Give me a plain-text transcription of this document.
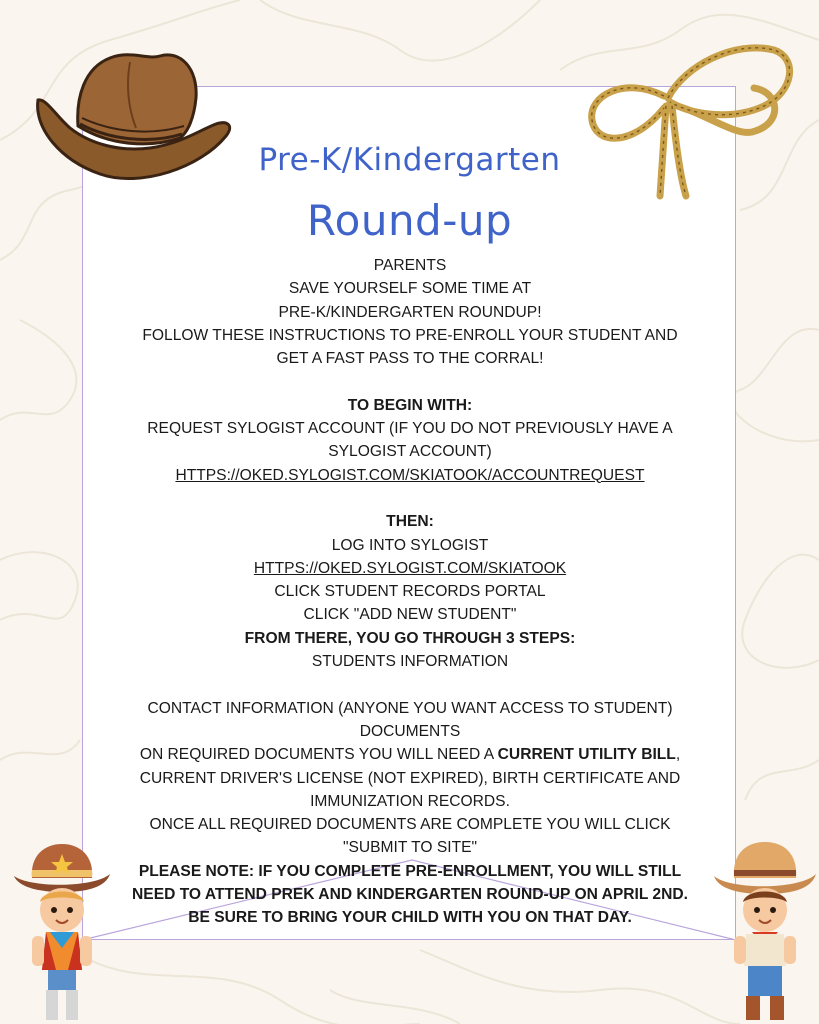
Pre-K/Kindergarten
Round-up
PARENTS
SAVE YOURSELF SOME TIME AT
PRE-K/KINDERGARTEN ROUNDUP!
FOLLOW THESE INSTRUCTIONS TO PRE-ENROLL YOUR STUDENT AND
GET A FAST PASS TO THE CORRAL!
TO BEGIN WITH:
REQUEST SYLOGIST ACCOUNT (IF YOU DO NOT PREVIOUSLY HAVE A
SYLOGIST ACCOUNT)
HTTPS://OKED.SYLOGIST.COM/SKIATOOK/ACCOUNTREQUEST
THEN:
LOG INTO SYLOGIST
HTTPS://OKED.SYLOGIST.COM/SKIATOOK
CLICK STUDENT RECORDS PORTAL
CLICK "ADD NEW STUDENT"
FROM THERE, YOU GO THROUGH 3 STEPS:
STUDENTS INFORMATION
CONTACT INFORMATION (ANYONE YOU WANT ACCESS TO STUDENT)
DOCUMENTS
ON REQUIRED DOCUMENTS YOU WILL NEED A CURRENT UTILITY BILL,
CURRENT DRIVER'S LICENSE (NOT EXPIRED), BIRTH CERTIFICATE AND
IMMUNIZATION RECORDS.
ONCE ALL REQUIRED DOCUMENTS ARE COMPLETE YOU WILL CLICK
"SUBMIT TO SITE"
PLEASE NOTE: IF YOU COMPLETE PRE-ENROLLMENT, YOU WILL STILL
NEED TO ATTEND PREK AND KINDERGARTEN ROUND-UP ON APRIL 2ND.
BE SURE TO BRING YOUR CHILD WITH YOU ON THAT DAY.
